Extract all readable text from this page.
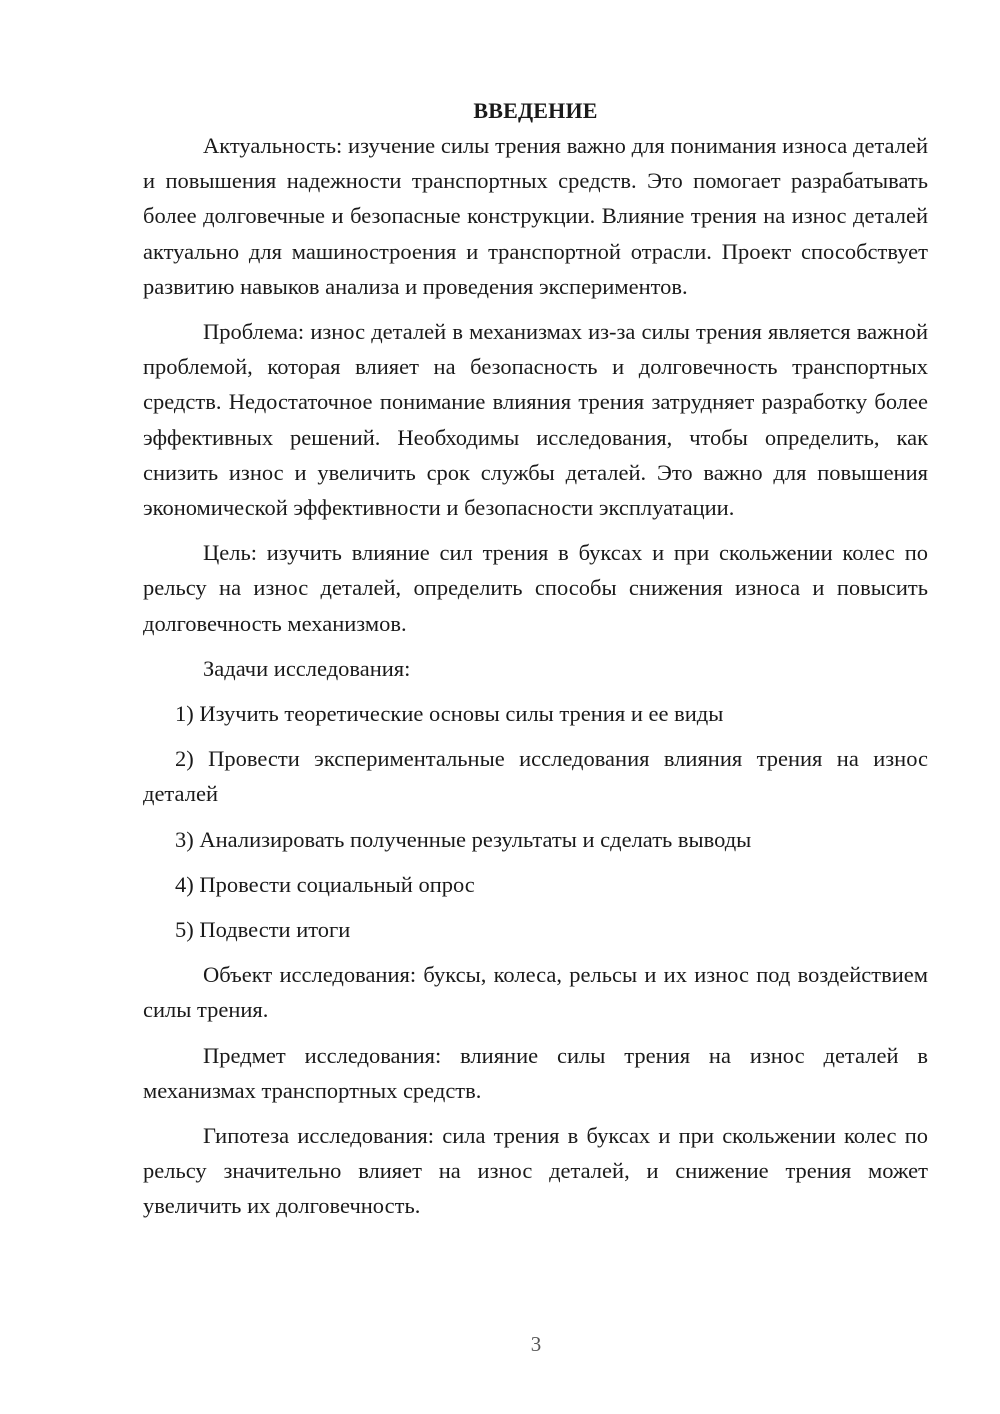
ВВЕДЕНИЕ

Актуальность: изучение силы трения важно для понимания износа деталей и повышения надежности транспортных средств. Это помогает разрабатывать более долговечные и безопасные конструкции. Влияние трения на износ деталей актуально для машиностроения и транспортной отрасли. Проект способствует развитию навыков анализа и проведения экспериментов.

Проблема: износ деталей в механизмах из-за силы трения является важной проблемой, которая влияет на безопасность и долговечность транспортных средств. Недостаточное понимание влияния трения затрудняет разработку более эффективных решений. Необходимы исследования, чтобы определить, как снизить износ и увеличить срок службы деталей. Это важно для повышения экономической эффективности и безопасности эксплуатации.

Цель: изучить влияние сил трения в буксах и при скольжении колес по рельсу на износ деталей, определить способы снижения износа и повысить долговечность механизмов.

Задачи исследования:

1) Изучить теоретические основы силы трения и ее виды

2) Провести экспериментальные исследования влияния трения на износ деталей

3) Анализировать полученные результаты и сделать выводы

4) Провести социальный опрос

5) Подвести итоги

Объект исследования: буксы, колеса, рельсы и их износ под воздействием силы трения.

Предмет исследования: влияние силы трения на износ деталей в механизмах транспортных средств.

Гипотеза исследования: сила трения в буксах и при скольжении колес по рельсу значительно влияет на износ деталей, и снижение трения может увеличить их долговечность.

3
